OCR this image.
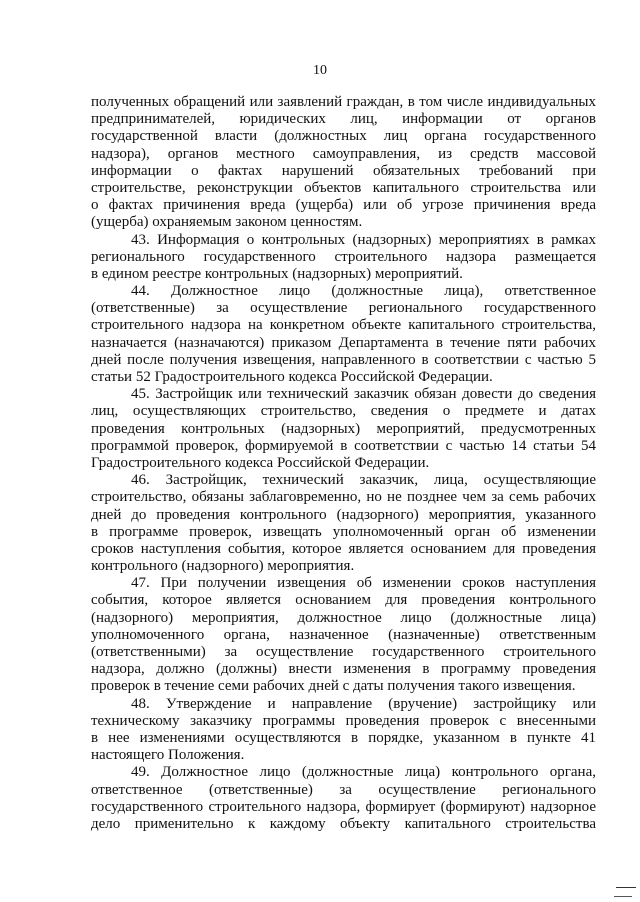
10
полученных обращений или заявлений граждан, в том числе индивидуальных
предпринимателей, юридических лиц, информации от органов
государственной власти (должностных лиц органа государственного
надзора), органов местного самоуправления, из средств массовой
информации о фактах нарушений обязательных требований при
строительстве, реконструкции объектов капитального строительства или
о фактах причинения вреда (ущерба) или об угрозе причинения вреда
(ущерба) охраняемым законом ценностям.
43. Информация о контрольных (надзорных) мероприятиях в рамках
регионального государственного строительного надзора размещается
в едином реестре контрольных (надзорных) мероприятий.
44. Должностное лицо (должностные лица), ответственное
(ответственные) за осуществление регионального государственного
строительного надзора на конкретном объекте капитального строительства,
назначается (назначаются) приказом Департамента в течение пяти рабочих
дней после получения извещения, направленного в соответствии с частью 5
статьи 52 Градостроительного кодекса Российской Федерации.
45. Застройщик или технический заказчик обязан довести до сведения
лиц, осуществляющих строительство, сведения о предмете и датах
проведения контрольных (надзорных) мероприятий, предусмотренных
программой проверок, формируемой в соответствии с частью 14 статьи 54
Градостроительного кодекса Российской Федерации.
46. Застройщик, технический заказчик, лица, осуществляющие
строительство, обязаны заблаговременно, но не позднее чем за семь рабочих
дней до проведения контрольного (надзорного) мероприятия, указанного
в программе проверок, извещать уполномоченный орган об изменении
сроков наступления события, которое является основанием для проведения
контрольного (надзорного) мероприятия.
47. При получении извещения об изменении сроков наступления
события, которое является основанием для проведения контрольного
(надзорного) мероприятия, должностное лицо (должностные лица)
уполномоченного органа, назначенное (назначенные) ответственным
(ответственными) за осуществление государственного строительного
надзора, должно (должны) внести изменения в программу проведения
проверок в течение семи рабочих дней с даты получения такого извещения.
48. Утверждение и направление (вручение) застройщику или
техническому заказчику программы проведения проверок с внесенными
в нее изменениями осуществляются в порядке, указанном в пункте 41
настоящего Положения.
49. Должностное лицо (должностные лица) контрольного органа,
ответственное (ответственные) за осуществление регионального
государственного строительного надзора, формирует (формируют) надзорное
дело применительно к каждому объекту капитального строительства
